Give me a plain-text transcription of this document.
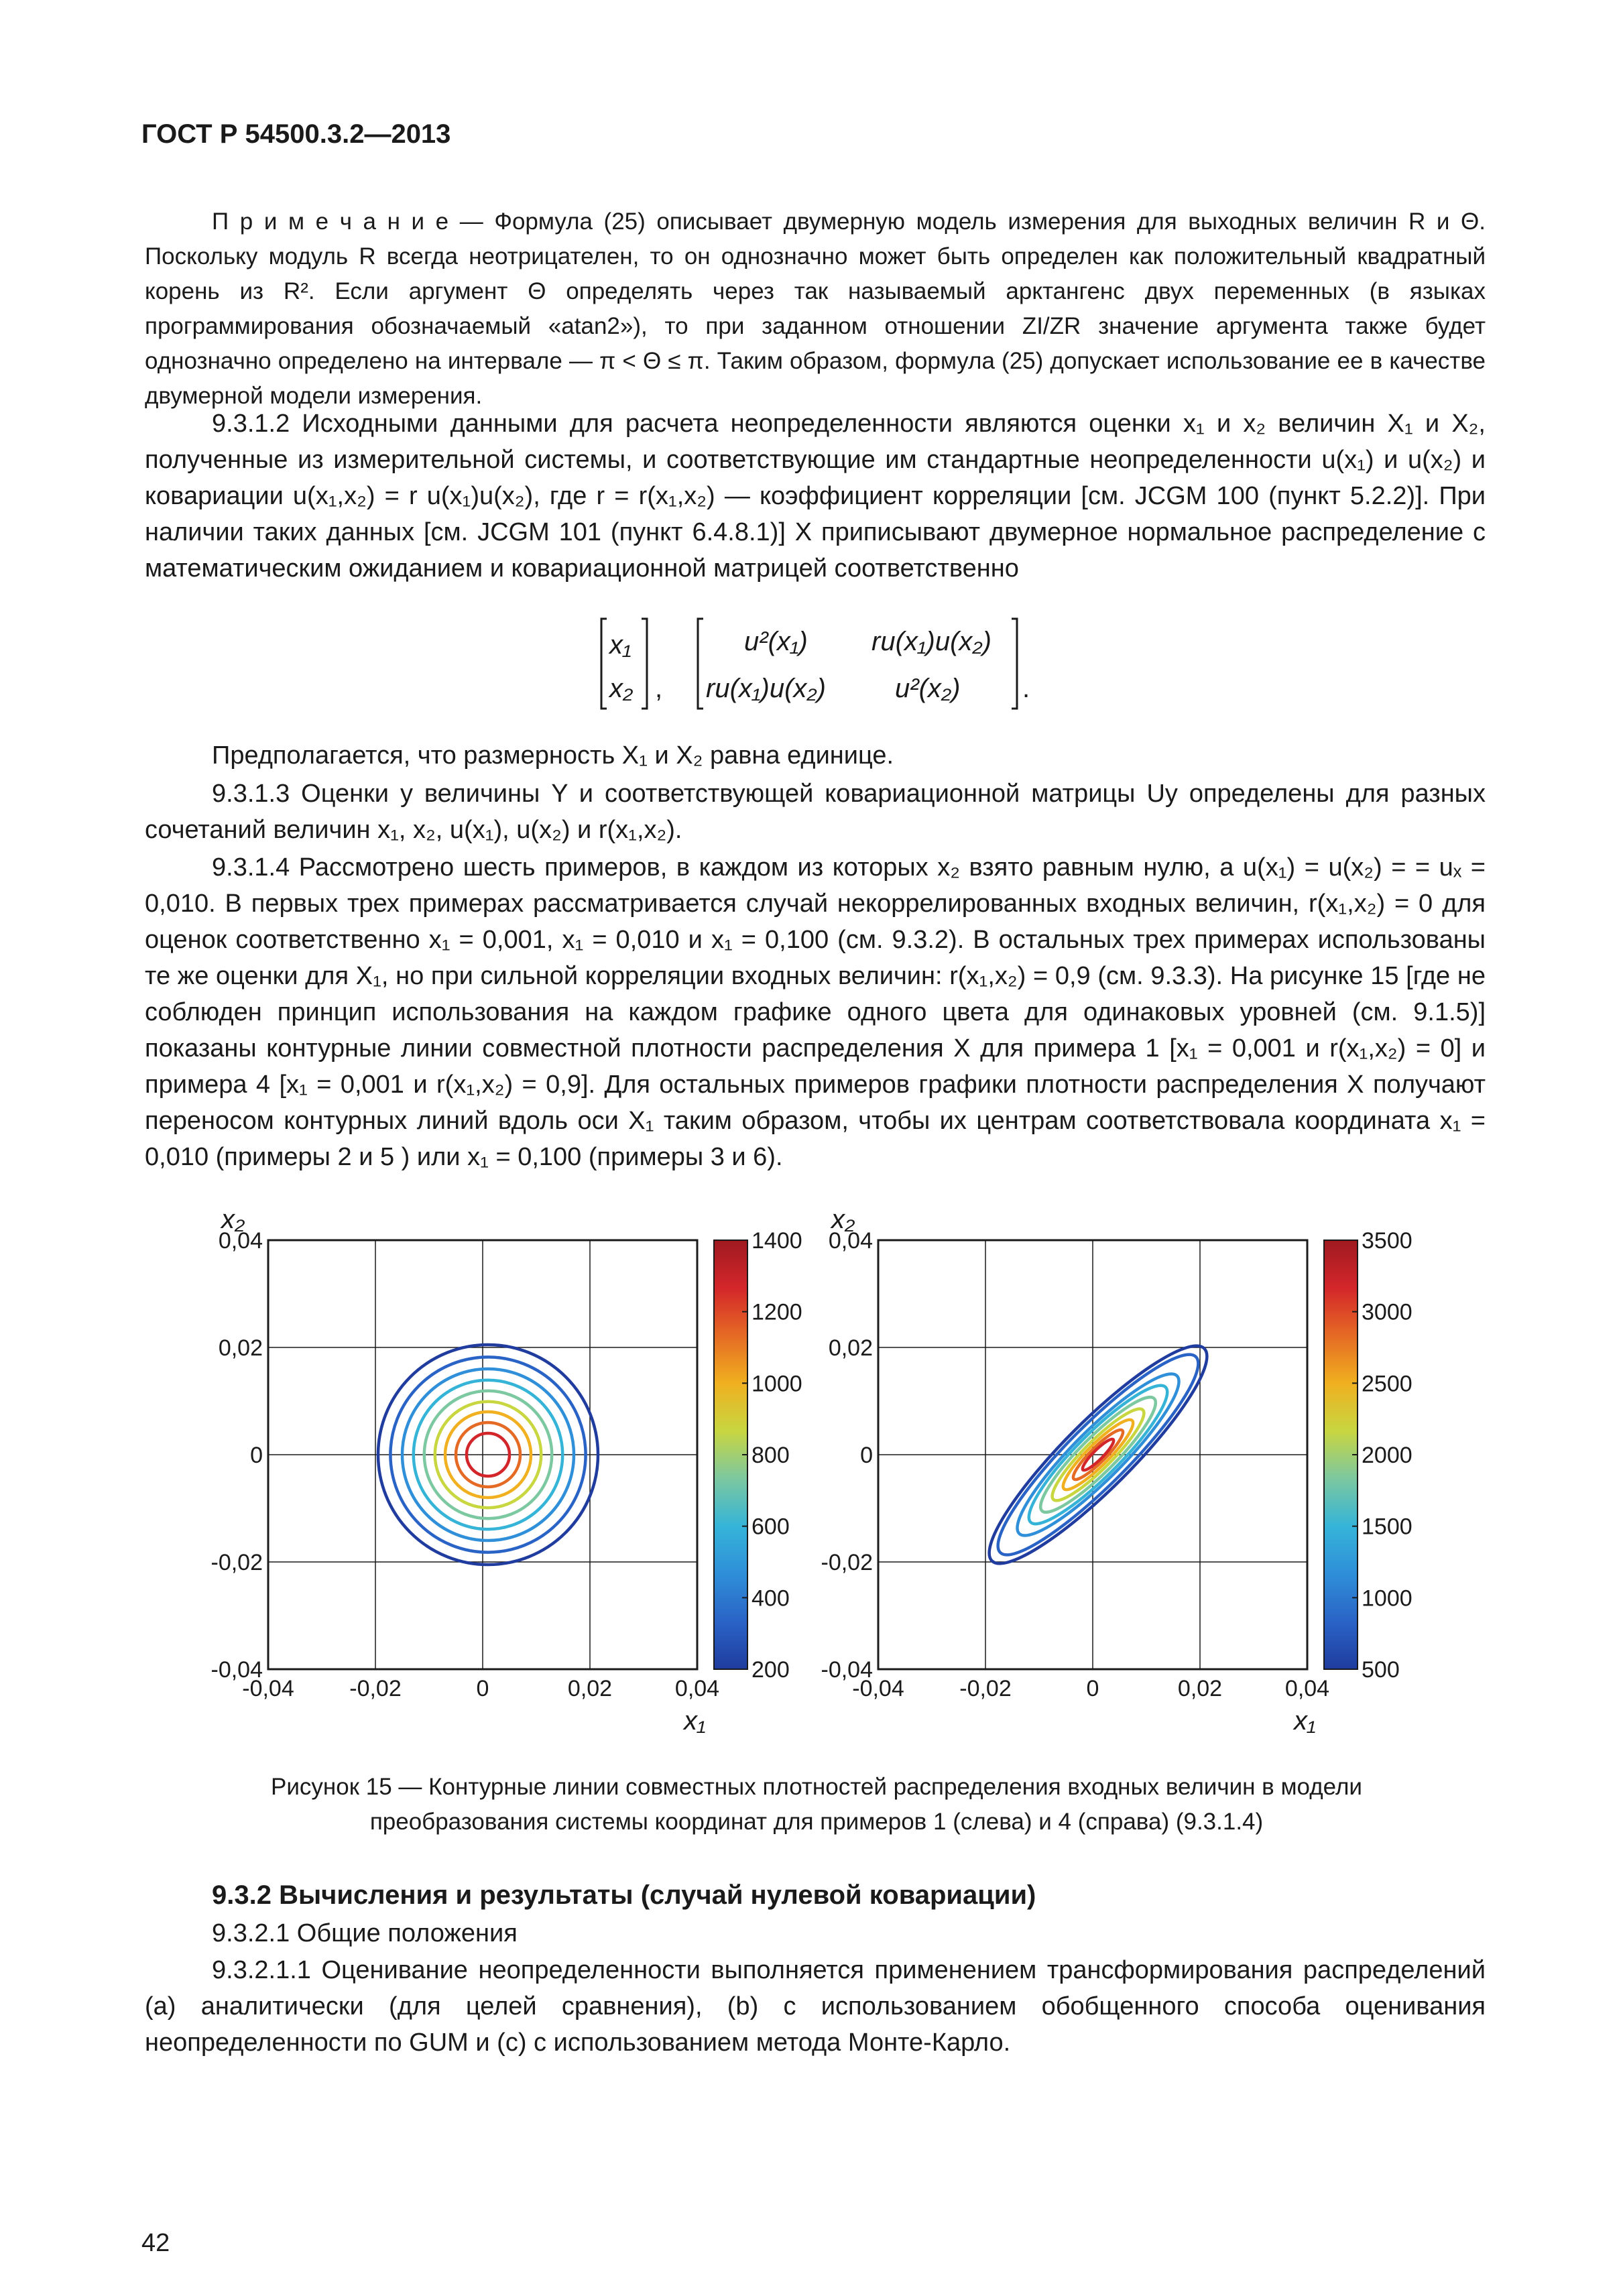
ГОСТ Р 54500.3.2—2013
П р и м е ч а н и е — Формула (25) описывает двумерную модель измерения для выходных величин R и Θ. Поскольку модуль R всегда неотрицателен, то он однозначно может быть определен как положительный квадратный корень из R². Если аргумент Θ определять через так называемый арктангенс двух переменных (в языках программирования обозначаемый «atan2»), то при заданном отношении ZI/ZR значение аргумента также будет однозначно определено на интервале — π < Θ ≤ π. Таким образом, формула (25) допускает использование ее в качестве двумерной модели измерения.
9.3.1.2 Исходными данными для расчета неопределенности являются оценки x₁ и x₂ величин X₁ и X₂, полученные из измерительной системы, и соответствующие им стандартные неопределенности u(x₁) и u(x₂) и ковариации u(x₁,x₂) = r u(x₁)u(x₂), где r = r(x₁,x₂) — коэффициент корреляции [см. JCGM 100 (пункт 5.2.2)]. При наличии таких данных [см. JCGM 101 (пункт 6.4.8.1)] X приписывают двумерное нормальное распределение с математическим ожиданием и ковариационной матрицей соответственно
x₁
x₂ ,
u²(x₁) ru(x₁)u(x₂)
ru(x₁)u(x₂)	u²(x₂) .
Предполагается, что размерность X₁ и X₂ равна единице.
9.3.1.3 Оценки y величины Y и соответствующей ковариационной матрицы Uy определены для разных сочетаний величин x₁, x₂, u(x₁), u(x₂) и r(x₁,x₂).
9.3.1.4 Рассмотрено шесть примеров, в каждом из которых x₂ взято равным нулю, а u(x₁) = u(x₂) = = uₓ = 0,010. В первых трех примерах рассматривается случай некоррелированных входных величин, r(x₁,x₂) = 0 для оценок соответственно x₁ = 0,001, x₁ = 0,010 и x₁ = 0,100 (см. 9.3.2). В остальных трех примерах использованы те же оценки для X₁, но при сильной корреляции входных величин: r(x₁,x₂) = 0,9 (см. 9.3.3). На рисунке 15 [где не соблюден принцип использования на каждом графике одного цвета для одинаковых уровней (см. 9.1.5)] показаны контурные линии совместной плотности распределения X для примера 1 [x₁ = 0,001 и r(x₁,x₂) = 0] и примера 4 [x₁ = 0,001 и r(x₁,x₂) = 0,9]. Для остальных примеров графики плотности распределения X получают переносом контурных линий вдоль оси X₁ таким образом, чтобы их центрам соответствовала координата x₁ = 0,010 (примеры 2 и 5 ) или x₁ = 0,100 (примеры 3 и 6).
0,04
0,02
0
-0,02
-0,04
-0,04 -0,02	0	0,02	0,04
x₂
x₁
1400
1200
1000
800
600
400
200
0,04
0,02
0
-0,02
-0,04
-0,04 -0,02	0	0,02	0,04
x₂
x₁
3500
3000
2500
2000
1500
1000
500
Рисунок 15 — Контурные линии совместных плотностей распределения входных величин в модели
преобразования системы координат для примеров 1 (слева) и 4 (справа) (9.3.1.4)
9.3.2 Вычисления и результаты (случай нулевой ковариации)
9.3.2.1 Общие положения
9.3.2.1.1 Оценивание неопределенности выполняется применением трансформирования распределений (a) аналитически (для целей сравнения), (b) с использованием обобщенного способа оценивания неопределенности по GUM и (c) с использованием метода Монте-Карло.
42
